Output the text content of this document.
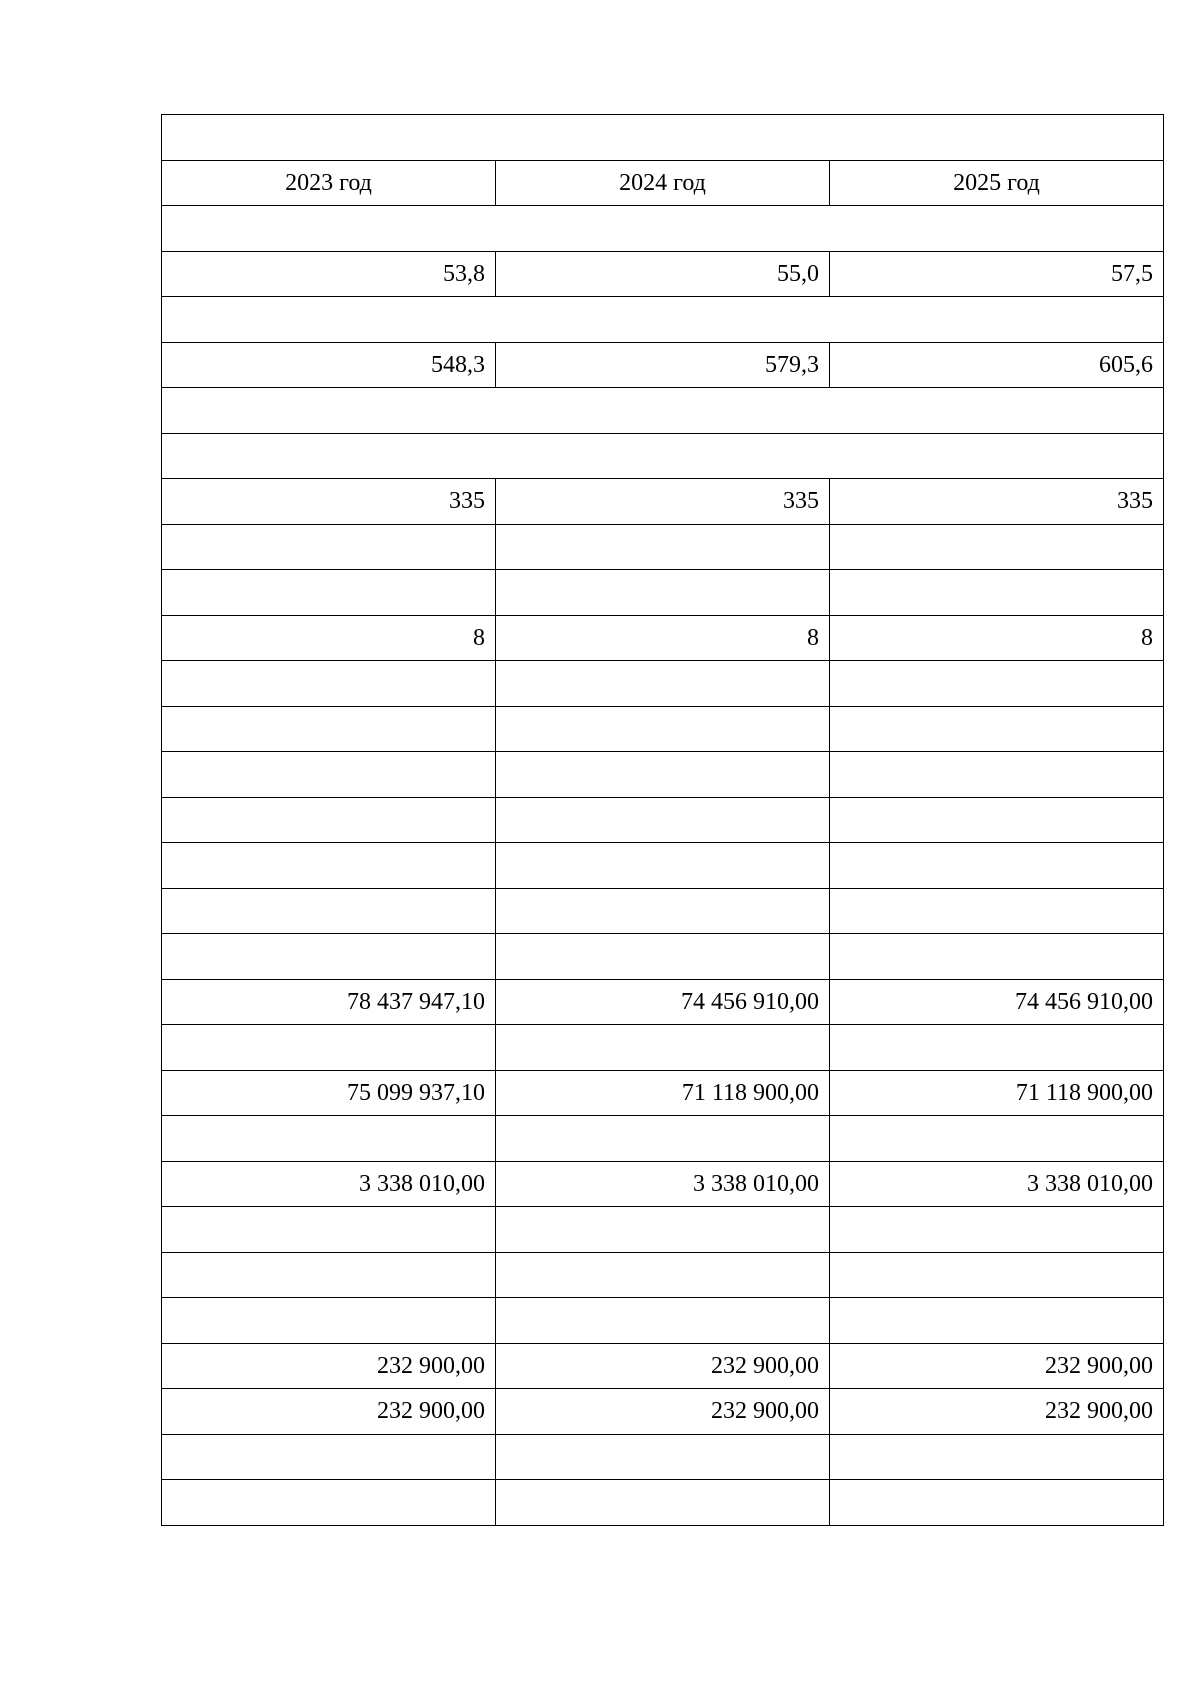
2023 год	2024 год	2025 год

53,8	55,0	57,5

548,3	579,3	605,6

335	335	335

8	8	8

78 437 947,10	74 456 910,00	74 456 910,00

75 099 937,10	71 118 900,00	71 118 900,00

3 338 010,00	3 338 010,00	3 338 010,00

232 900,00	232 900,00	232 900,00
232 900,00	232 900,00	232 900,00
